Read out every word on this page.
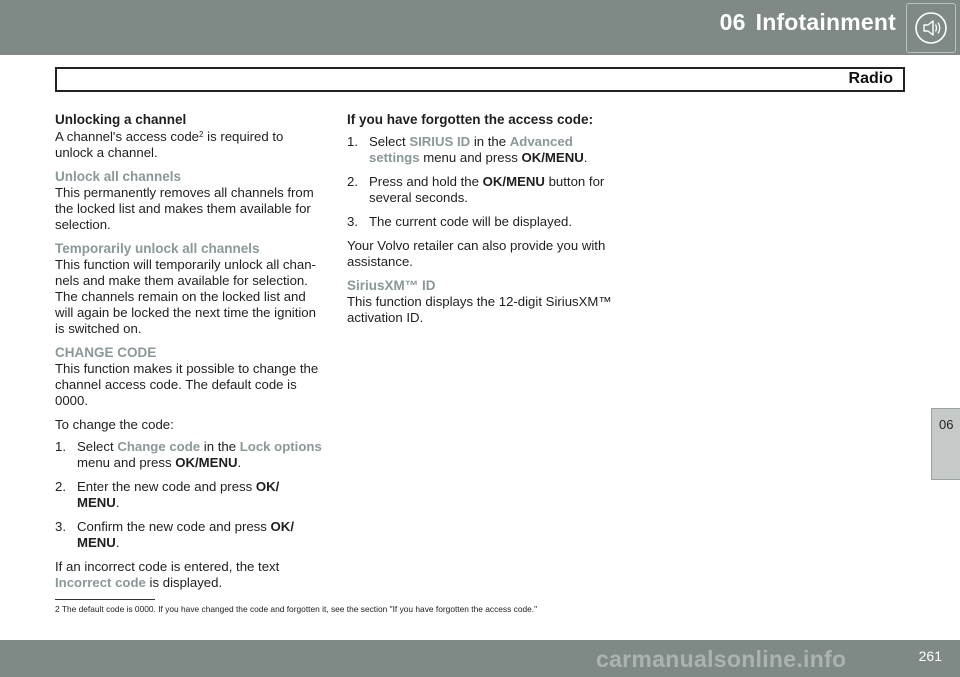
06 Infotainment
Radio
Unlocking a channel
A channel's access code$^2$ is required to unlock a channel.
Unlock all channels
This permanently removes all channels from the locked list and makes them available for selection.
Temporarily unlock all channels
This function will temporarily unlock all chan-nels and make them available for selection. The channels remain on the locked list and will again be locked the next time the ignition is switched on.
CHANGE CODE
This function makes it possible to change the channel access code. The default code is 0000.
To change the code:
1. Select Change code in the Lock options menu and press OK/MENU.
2. Enter the new code and press OK/ MENU.
3. Confirm the new code and press OK/ MENU.
If an incorrect code is entered, the text Incorrect code is displayed.
If you have forgotten the access code:
1. Select SIRIUS ID in the Advanced settings menu and press OK/MENU.
2. Press and hold the OK/MENU button for several seconds.
3. The current code will be displayed.
Your Volvo retailer can also provide you with assistance.
SiriusXM™ ID
This function displays the 12-digit SiriusXM™ activation ID.
06
2 The default code is 0000. If you have changed the code and forgotten it, see the section "If you have forgotten the access code."
261
carmanualsonline.info
